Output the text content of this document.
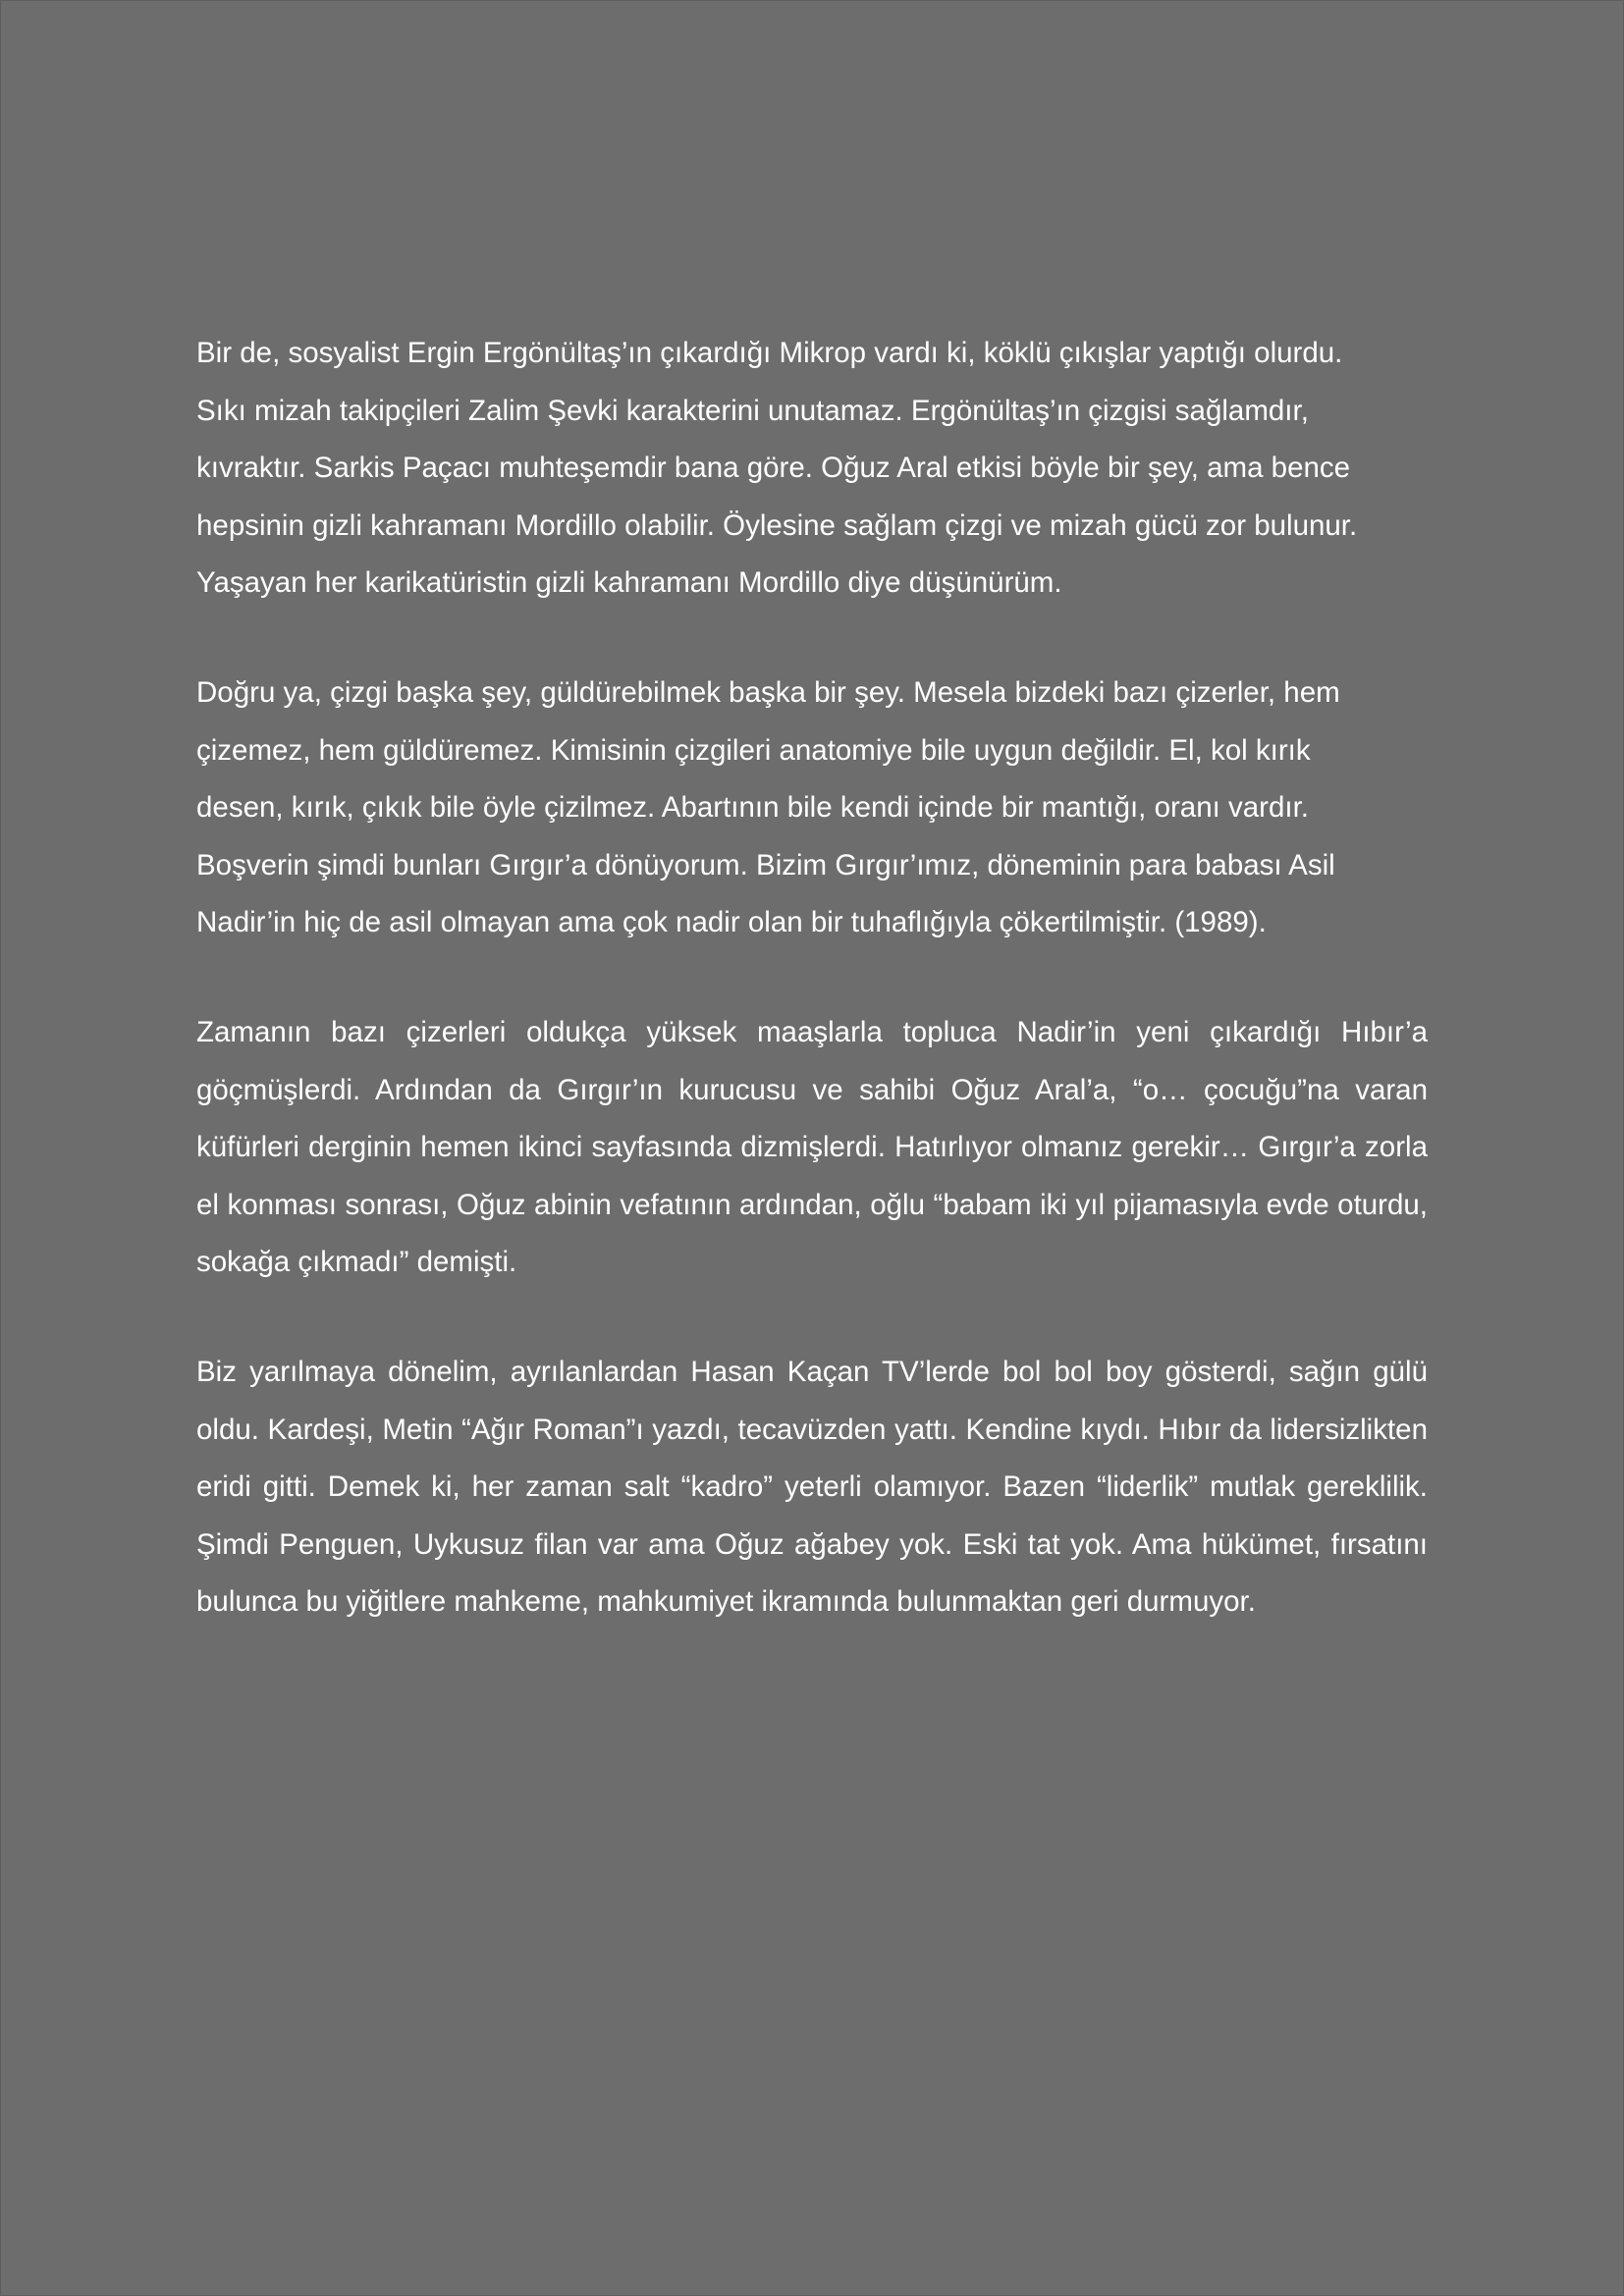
Bir de, sosyalist Ergin Ergönültaş’ın çıkardığı Mikrop vardı ki, köklü çıkışlar yaptığı olurdu.
Sıkı mizah takipçileri Zalim Şevki karakterini unutamaz. Ergönültaş’ın çizgisi sağlamdır,
kıvraktır. Sarkis Paçacı muhteşemdir bana göre. Oğuz Aral etkisi böyle bir şey, ama bence
hepsinin gizli kahramanı Mordillo olabilir. Öylesine sağlam çizgi ve mizah gücü zor bulunur.
Yaşayan her karikatüristin gizli kahramanı Mordillo diye düşünürüm.

Doğru ya, çizgi başka şey, güldürebilmek başka bir şey. Mesela bizdeki bazı çizerler, hem
çizemez, hem güldüremez. Kimisinin çizgileri anatomiye bile uygun değildir. El, kol kırık
desen, kırık, çıkık bile öyle çizilmez. Abartının bile kendi içinde bir mantığı, oranı vardır.
Boşverin şimdi bunları Gırgır’a dönüyorum. Bizim Gırgır’ımız, döneminin para babası Asil
Nadir’in hiç de asil olmayan ama çok nadir olan bir tuhaflığıyla çökertilmiştir. (1989).

Zamanın bazı çizerleri oldukça yüksek maaşlarla topluca Nadir’in yeni çıkardığı Hıbır’a göçmüşlerdi. Ardından da Gırgır’ın kurucusu ve sahibi Oğuz Aral’a, “o… çocuğu”na varan küfürleri derginin hemen ikinci sayfasında dizmişlerdi. Hatırlıyor olmanız gerekir… Gırgır’a zorla el konması sonrası, Oğuz abinin vefatının ardından, oğlu “babam iki yıl pijamasıyla evde oturdu, sokağa çıkmadı” demişti.

Biz yarılmaya dönelim, ayrılanlardan Hasan Kaçan TV’lerde bol bol boy gösterdi, sağın gülü oldu. Kardeşi, Metin “Ağır Roman”ı yazdı, tecavüzden yattı. Kendine kıydı. Hıbır da lidersizlikten eridi gitti. Demek ki, her zaman salt “kadro” yeterli olamıyor. Bazen “liderlik” mutlak gereklilik. Şimdi Penguen, Uykusuz filan var ama Oğuz ağabey yok. Eski tat yok. Ama hükümet, fırsatını bulunca bu yiğitlere mahkeme, mahkumiyet ikramında bulunmaktan geri durmuyor.
